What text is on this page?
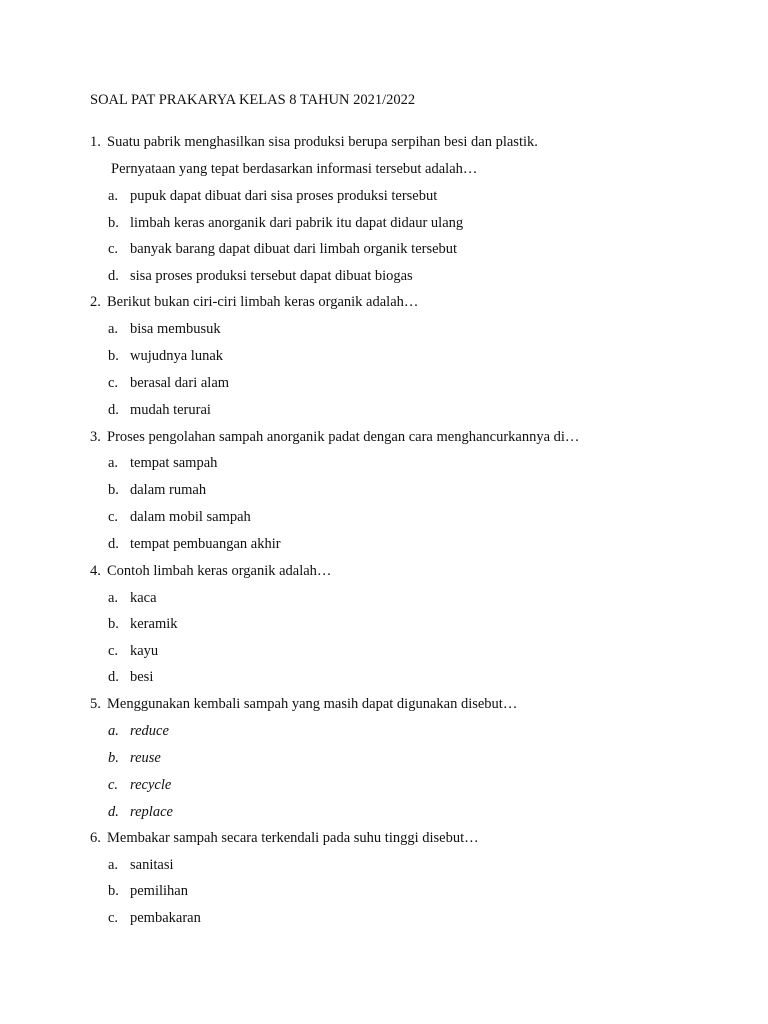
SOAL PAT PRAKARYA KELAS 8 TAHUN 2021/2022
1. Suatu pabrik menghasilkan sisa produksi berupa serpihan besi dan plastik.
Pernyataan yang tepat berdasarkan informasi tersebut adalah…
a. pupuk dapat dibuat dari sisa proses produksi tersebut
b. limbah keras anorganik dari pabrik itu dapat didaur ulang
c. banyak barang dapat dibuat dari limbah organik tersebut
d. sisa proses produksi tersebut dapat dibuat biogas
2. Berikut bukan ciri-ciri limbah keras organik adalah…
a. bisa membusuk
b. wujudnya lunak
c. berasal dari alam
d. mudah terurai
3. Proses pengolahan sampah anorganik padat dengan cara menghancurkannya di…
a. tempat sampah
b. dalam rumah
c. dalam mobil sampah
d. tempat pembuangan akhir
4. Contoh limbah keras organik adalah…
a. kaca
b. keramik
c. kayu
d. besi
5. Menggunakan kembali sampah yang masih dapat digunakan disebut…
a. reduce
b. reuse
c. recycle
d. replace
6. Membakar sampah secara terkendali pada suhu tinggi disebut…
a. sanitasi
b. pemilihan
c. pembakaran
